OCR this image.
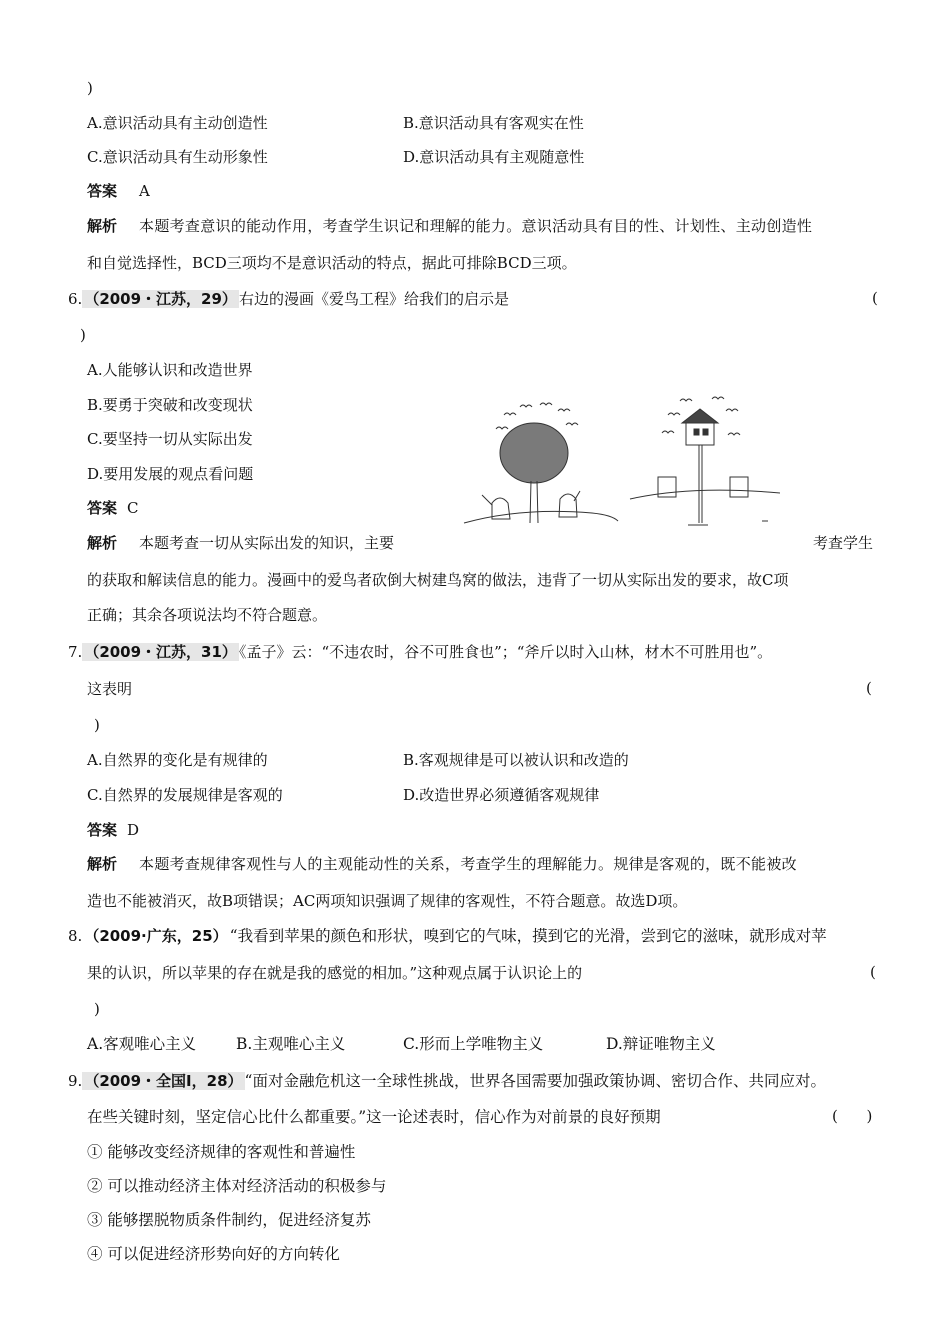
)
A.意识活动具有主动创造性	B.意识活动具有客观实在性
C.意识活动具有生动形象性	D.意识活动具有主观随意性
答案 A
解析 本题考查意识的能动作用，考查学生识记和理解的能力。意识活动具有目的性、计划性、主动创造性
和自觉选择性，BCD三项均不是意识活动的特点，据此可排除BCD三项。
6. （2009・江苏，29） 右边的漫画《爱鸟工程》给我们的启示是	(
)
A.人能够认识和改造世界
B.要勇于突破和改变现状
C.要坚持一切从实际出发
D.要用发展的观点看问题
答案 C
解析 本题考查一切从实际出发的知识，主要	考查学生
的获取和解读信息的能力。漫画中的爱鸟者砍倒大树建鸟窝的做法，违背了一切从实际出发的要求，故C项
正确；其余各项说法均不符合题意。
7. （2009・江苏，31） 《孟子》云：“不违农时，谷不可胜食也”；“斧斤以时入山林，材木不可胜用也”。
这表明	(
)
A.自然界的变化是有规律的	B.客观规律是可以被认识和改造的
C.自然界的发展规律是客观的	D.改造世界必须遵循客观规律
答案 D
解析 本题考查规律客观性与人的主观能动性的关系，考查学生的理解能力。规律是客观的，既不能被改
造也不能被消灭，故B项错误；AC两项知识强调了规律的客观性，不符合题意。故选D项。
8. （2009·广东，25） “我看到苹果的颜色和形状，嗅到它的气味，摸到它的光滑，尝到它的滋味，就形成对苹
果的认识，所以苹果的存在就是我的感觉的相加。”这种观点属于认识论上的	(
)
A.客观唯心主义	B.主观唯心主义	C.形而上学唯物主义	D.辩证唯物主义
9. （2009・全国Ⅰ，28） “面对金融危机这一全球性挑战，世界各国需要加强政策协调、密切合作、共同应对。
在些关键时刻，坚定信心比什么都重要。”这一论述表时，信心作为对前景的良好预期	(      )
① 能够改变经济规律的客观性和普遍性
② 可以推动经济主体对经济活动的积极参与
③ 能够摆脱物质条件制约，促进经济复苏
④ 可以促进经济形势向好的方向转化
